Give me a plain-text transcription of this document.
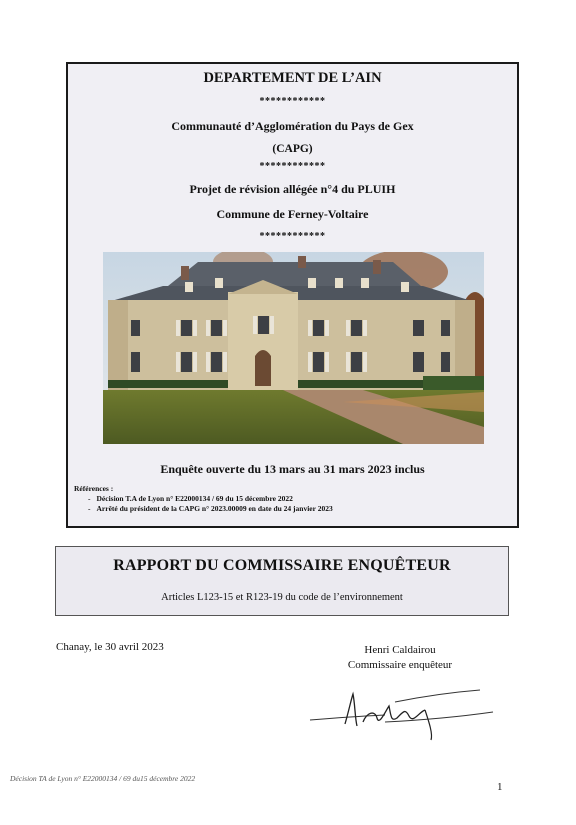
DEPARTEMENT DE L’AIN
************
Communauté d’Agglomération du Pays de Gex
(CAPG)
************
Projet de révision allégée n°4 du PLUIH
Commune de Ferney-Voltaire
************
Enquête ouverte du 13 mars au 31 mars 2023 inclus
Références :
- Décision T.A de Lyon n° E22000134 / 69 du 15 décembre 2022
- Arrêté du président de la CAPG n° 2023.00009 en date du 24 janvier 2023
RAPPORT DU COMMISSAIRE ENQUÊTEUR
Articles L123-15 et R123-19 du code de l’environnement
Chanay, le 30 avril 2023	Henri Caldairou
Commissaire enquêteur
Décision TA de Lyon n° E22000134 / 69 du15 décembre 2022
1
